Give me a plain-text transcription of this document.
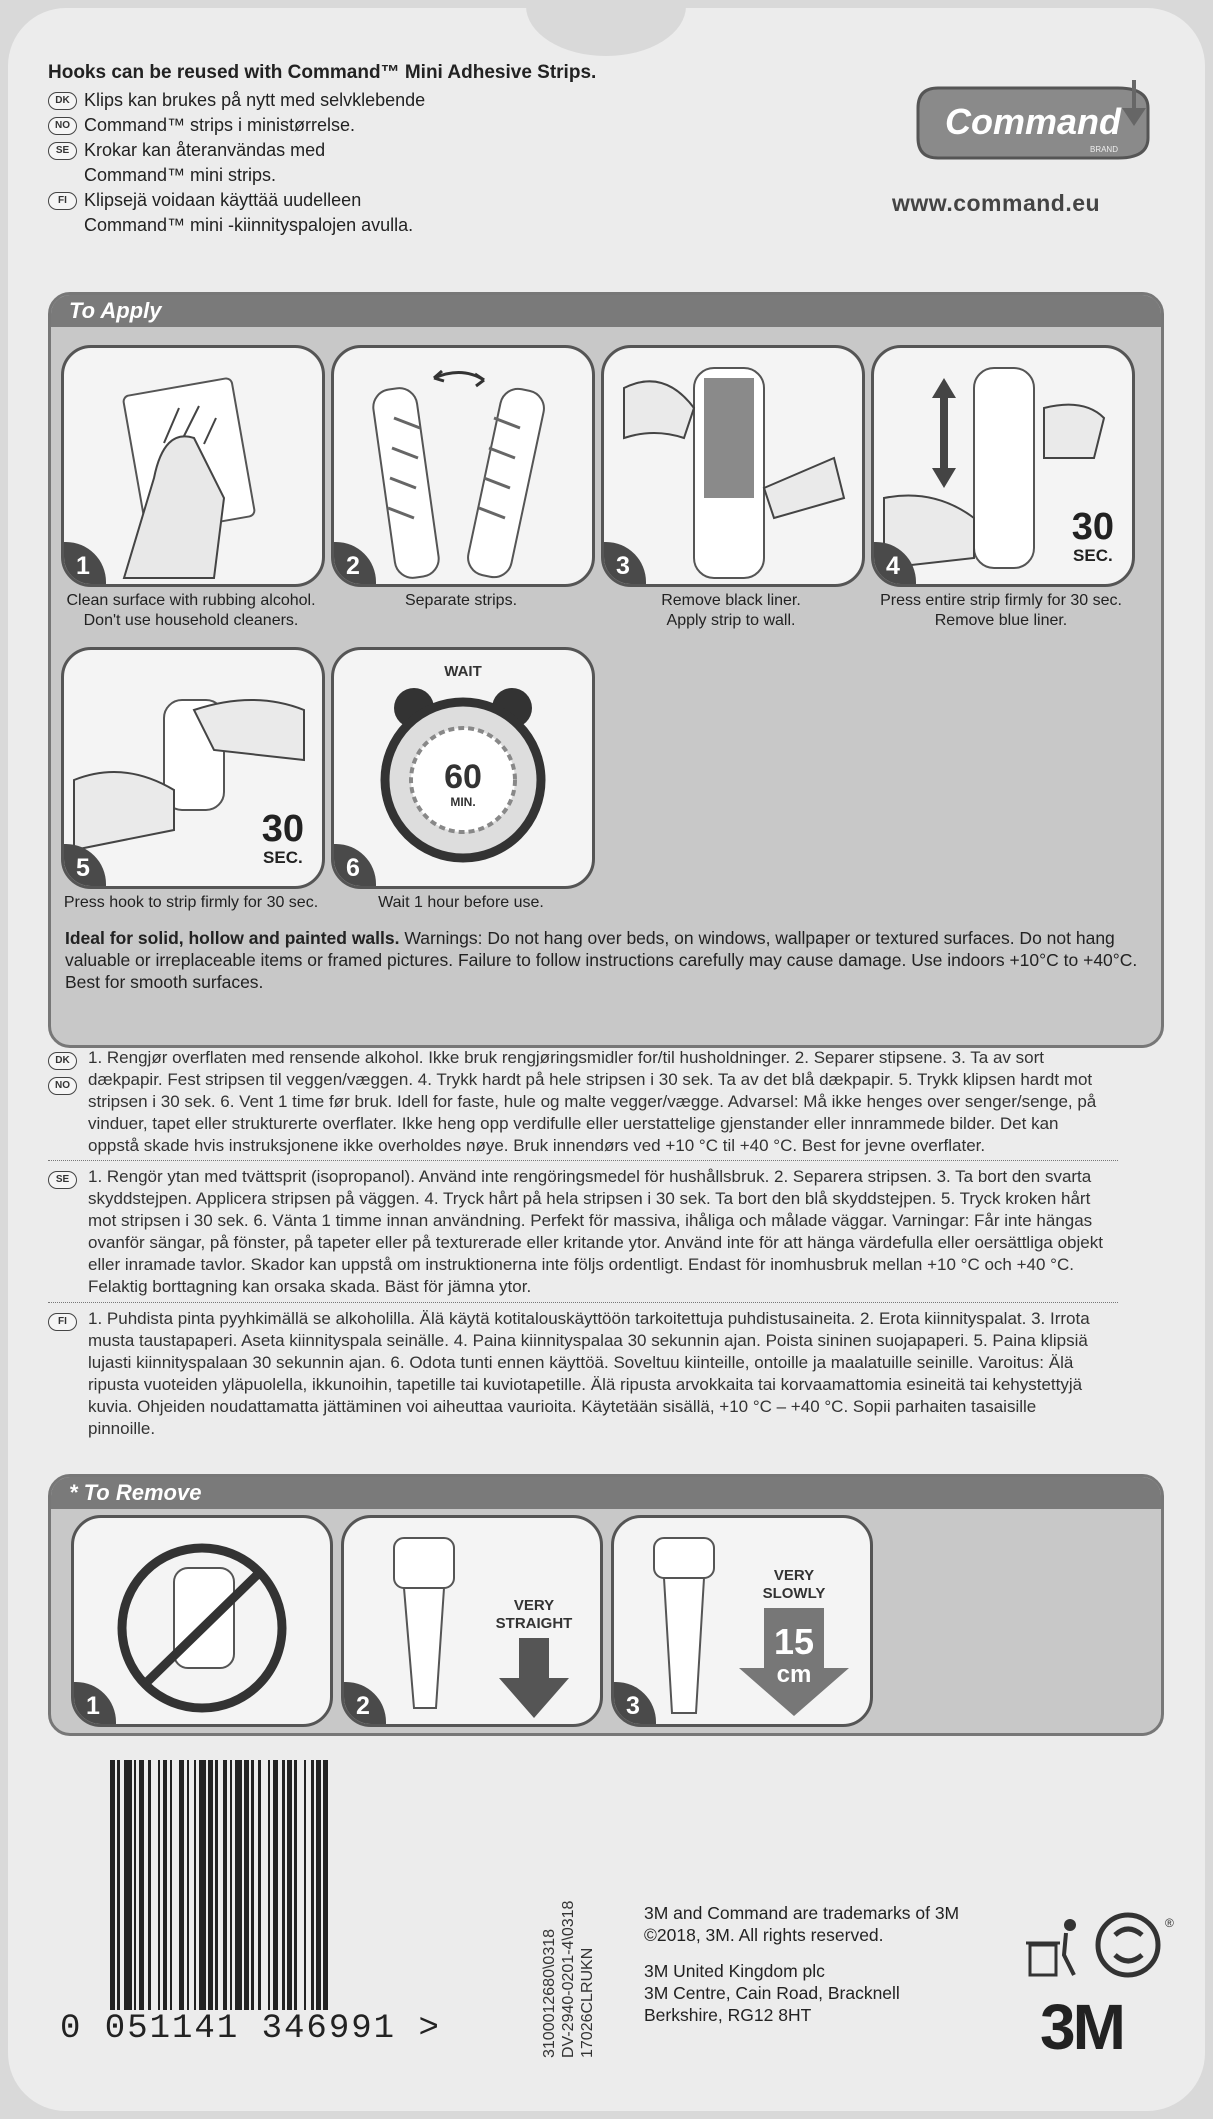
Hooks can be reused with Command™ Mini Adhesive Strips.
DK Klips kan brukes på nytt med selvklebende
NO Command™ strips i ministørrelse.
SE Krokar kan återanvändas med
Command™ mini strips.
FI Klipsejä voidaan käyttää uudelleen
Command™ mini -kiinnityspalojen avulla.
Command
BRAND
www.command.eu
To Apply
1
Clean surface with rubbing alcohol.
Don't use household cleaners.
2
Separate strips.
3
Remove black liner.
Apply strip to wall.
30
SEC.
4
Press entire strip firmly for 30 sec.
Remove blue liner.
30
SEC.
5
Press hook to strip firmly for 30 sec.
WAIT
60
MIN.
6
Wait 1 hour before use.
Ideal for solid, hollow and painted walls. Warnings: Do not hang over beds, on windows, wallpaper or textured surfaces. Do not hang valuable or irreplaceable items or framed pictures. Failure to follow instructions carefully may cause damage. Use indoors +10°C to +40°C. Best for smooth surfaces.
DK
NO
1. Rengjør overflaten med rensende alkohol. Ikke bruk rengjøringsmidler for/til husholdninger. 2. Separer stipsene. 3. Ta av sort dækpapir. Fest stripsen til veggen/væggen. 4. Trykk hardt på hele stripsen i 30 sek. Ta av det blå dækpapir. 5. Trykk klipsen hardt mot stripsen i 30 sek. 6. Vent 1 time før bruk. Idell for faste, hule og malte vegger/vægge. Advarsel: Må ikke henges over senger/senge, på vinduer, tapet eller strukturerte overflater. Ikke heng opp verdifulle eller uerstattelige gjenstander eller innrammede bilder. Det kan oppstå skade hvis instruksjonene ikke overholdes nøye. Bruk innendørs ved +10 °C til +40 °C. Best for jevne overflater.
SE	1. Rengör ytan med tvättsprit (isopropanol). Använd inte rengöringsmedel för hushållsbruk. 2. Separera stripsen. 3. Ta bort den svarta skyddstejpen. Applicera stripsen på väggen. 4. Tryck hårt på hela stripsen i 30 sek. Ta bort den blå skyddstejpen. 5. Tryck kroken hårt mot stripsen i 30 sek. 6. Vänta 1 timme innan användning. Perfekt för massiva, ihåliga och målade väggar. Varningar: Får inte hängas ovanför sängar, på fönster, på tapeter eller på texturerade eller kritande ytor. Använd inte för att hänga värdefulla eller oersättliga objekt eller inramade tavlor. Skador kan uppstå om instruktionerna inte följs ordentligt. Endast för inomhusbruk mellan +10 °C och +40 °C. Felaktig borttagning kan orsaka skada. Bäst för jämna ytor.
FI	1. Puhdista pinta pyyhkimällä se alkoholilla. Älä käytä kotitalouskäyttöön tarkoitettuja puhdistusaineita. 2. Erota kiinnityspalat. 3. Irrota musta taustapaperi. Aseta kiinnityspala seinälle. 4. Paina kiinnityspalaa 30 sekunnin ajan. Poista sininen suojapaperi. 5. Paina klipsiä lujasti kiinnityspalaan 30 sekunnin ajan. 6. Odota tunti ennen käyttöä. Soveltuu kiinteille, ontoille ja maalatuille seinille. Varoitus: Älä ripusta vuoteiden yläpuolella, ikkunoihin, tapetille tai kuviotapetille. Älä ripusta arvokkaita tai korvaamattomia esineitä tai kehystettyjä kuvia. Ohjeiden noudattamatta jättäminen voi aiheuttaa vaurioita. Käytetään sisällä, +10 °C – +40 °C. Sopii parhaiten tasaisille pinnoille.
* To Remove
1
VERY
STRAIGHT
2
VERY
SLOWLY
15
cm
3
0 051141 346991 >	3100012680\0318 DV-2940-0201-4\0318 17026CLRUKN
3M and Command are trademarks of 3M
©2018, 3M. All rights reserved.
3M United Kingdom plc
3M Centre, Cain Road, Bracknell
Berkshire, RG12 8HT
®
3M
